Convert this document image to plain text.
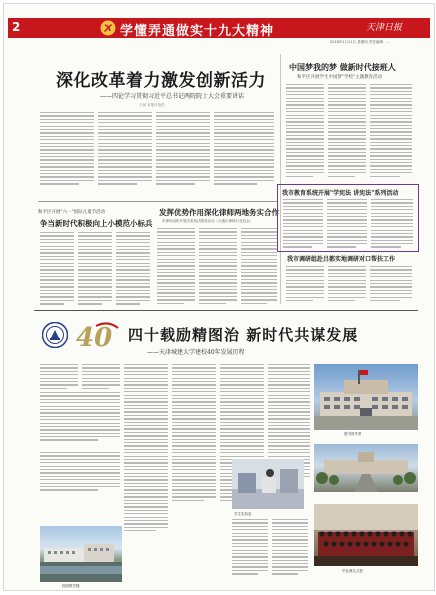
2	学懂弄通做实十九大精神	天津日报
2018年1月11日 星期四 责任编辑：...
深化改革着力激发创新活力
——四论学习贯彻习近平总书记两院院士大会重要讲话
天民 本报评论员
中国梦我的梦 做新时代接班人
和平区开展学生中国梦"学校"主题教育活动
和平区开展"六一"国际儿童节活动
争当新时代积极向上小模范小标兵
发挥优势作用深化律师两地务实合作
市律协组织开展各类执法服务活动（大港区律师行业协会）
我市教育系统开展"学宪法 讲宪法"系列活动
我市调研组赴吕都实地调研对口帮扶工作
40 四十载励精图治 新时代共谋发展
——天津城建大学建校40年发展历程
学生实验室
图书馆外景
毕业典礼合影
校园教学楼
